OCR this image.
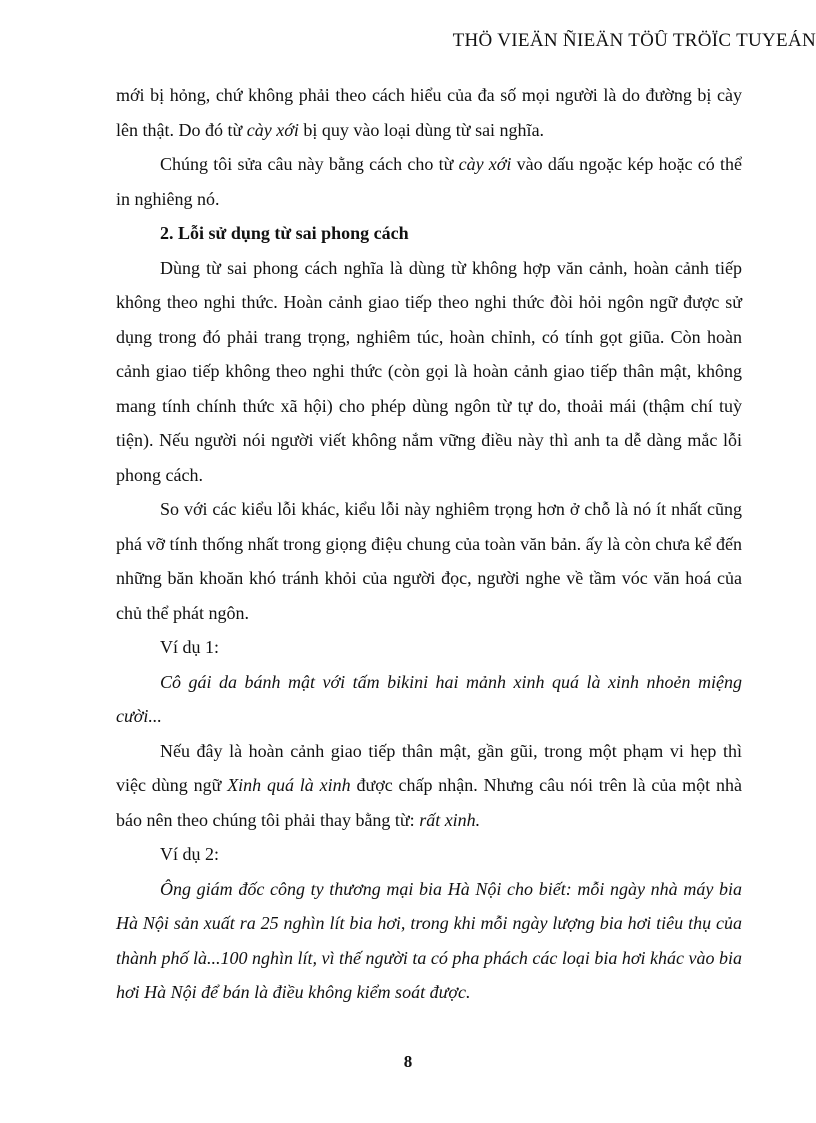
THÖ VIEÄN ÑIEÄN TÖÛ TRÖÏC TUYEÁN

mới bị hỏng, chứ không phải theo cách hiểu của đa số mọi người là do đường bị cày lên thật. Do đó từ cày xới bị quy vào loại dùng từ sai nghĩa.

Chúng tôi sửa câu này bằng cách cho từ cày xới vào dấu ngoặc kép hoặc có thể in nghiêng nó.

2. Lỗi sử dụng từ sai phong cách

Dùng từ sai phong cách nghĩa là dùng từ không hợp văn cảnh, hoàn cảnh tiếp không theo nghi thức. Hoàn cảnh giao tiếp theo nghi thức đòi hỏi ngôn ngữ được sử dụng trong đó phải trang trọng, nghiêm túc, hoàn chỉnh, có tính gọt giũa. Còn hoàn cảnh giao tiếp không theo nghi thức (còn gọi là hoàn cảnh giao tiếp thân mật, không mang tính chính thức xã hội) cho phép dùng ngôn từ tự do, thoải mái (thậm chí tuỳ tiện). Nếu người nói người viết không nắm vững điều này thì anh ta dễ dàng mắc lỗi phong cách.

So với các kiểu lỗi khác, kiểu lỗi này nghiêm trọng hơn ở chỗ là nó ít nhất cũng phá vỡ tính thống nhất trong giọng điệu chung của toàn văn bản. ấy là còn chưa kể đến những băn khoăn khó tránh khỏi của người đọc, người nghe về tầm vóc văn hoá của chủ thể phát ngôn.

Ví dụ 1:

Cô gái da bánh mật với tấm bikini hai mảnh xinh quá là xinh nhoẻn miệng cười...

Nếu đây là hoàn cảnh giao tiếp thân mật, gần gũi, trong một phạm vi hẹp thì việc dùng ngữ Xinh quá là xinh được chấp nhận. Nhưng câu nói trên là của một nhà báo nên theo chúng tôi phải thay bằng từ: rất xinh.

Ví dụ 2:

Ông giám đốc công ty thương mại bia Hà Nội cho biết: mỗi ngày nhà máy bia Hà Nội sản xuất ra 25 nghìn lít bia hơi, trong khi mỗi ngày lượng bia hơi tiêu thụ của thành phố là...100 nghìn lít, vì thế người ta có pha phách các loại bia hơi khác vào bia hơi Hà Nội để bán là điều không kiểm soát được.

8
